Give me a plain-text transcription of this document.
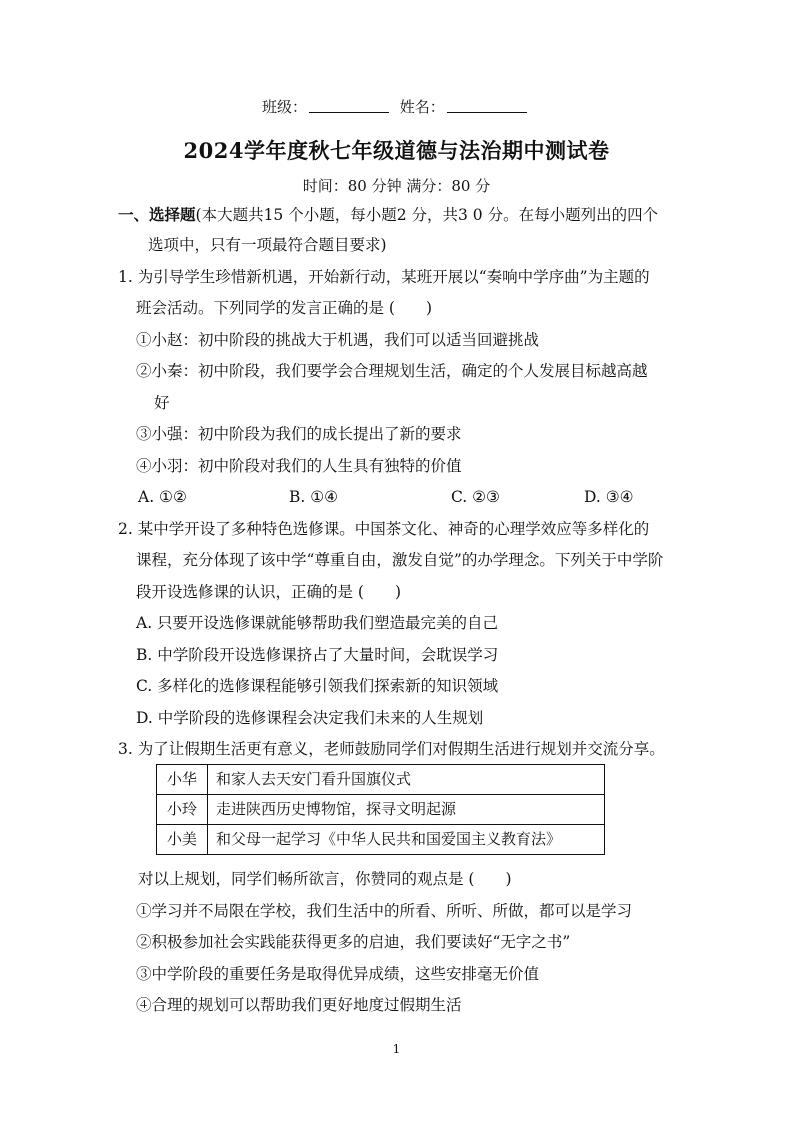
班级：	姓名：
2024学年度秋七年级道德与法治期中测试卷
时间：80 分钟 满分：80 分
一、选择题(本大题共15 个小题，每小题2 分，共3 0 分。在每小题列出的四个
选项中，只有一项最符合题目要求)
1. 为引导学生珍惜新机遇，开始新行动，某班开展以“奏响中学序曲”为主题的
班会活动。下列同学的发言正确的是 (　　)
①小赵：初中阶段的挑战大于机遇，我们可以适当回避挑战
②小秦：初中阶段，我们要学会合理规划生活，确定的个人发展目标越高越
好
③小强：初中阶段为我们的成长提出了新的要求
④小羽：初中阶段对我们的人生具有独特的价值
A. ①②	B. ①④	C. ②③	D. ③④
2. 某中学开设了多种特色选修课。中国茶文化、神奇的心理学效应等多样化的
课程，充分体现了该中学“尊重自由，激发自觉”的办学理念。下列关于中学阶
段开设选修课的认识，正确的是 (　　)
A. 只要开设选修课就能够帮助我们塑造最完美的自己
B. 中学阶段开设选修课挤占了大量时间，会耽误学习
C. 多样化的选修课程能够引领我们探索新的知识领域
D. 中学阶段的选修课程会决定我们未来的人生规划
3. 为了让假期生活更有意义，老师鼓励同学们对假期生活进行规划并交流分享。
小华	和家人去天安门看升国旗仪式
小玲	走进陕西历史博物馆，探寻文明起源
小美	和父母一起学习《中华人民共和国爱国主义教育法》
对以上规划，同学们畅所欲言，你赞同的观点是 (　　)
①学习并不局限在学校，我们生活中的所看、所听、所做，都可以是学习
②积极参加社会实践能获得更多的启迪，我们要读好“无字之书”
③中学阶段的重要任务是取得优异成绩，这些安排毫无价值
④合理的规划可以帮助我们更好地度过假期生活
1
